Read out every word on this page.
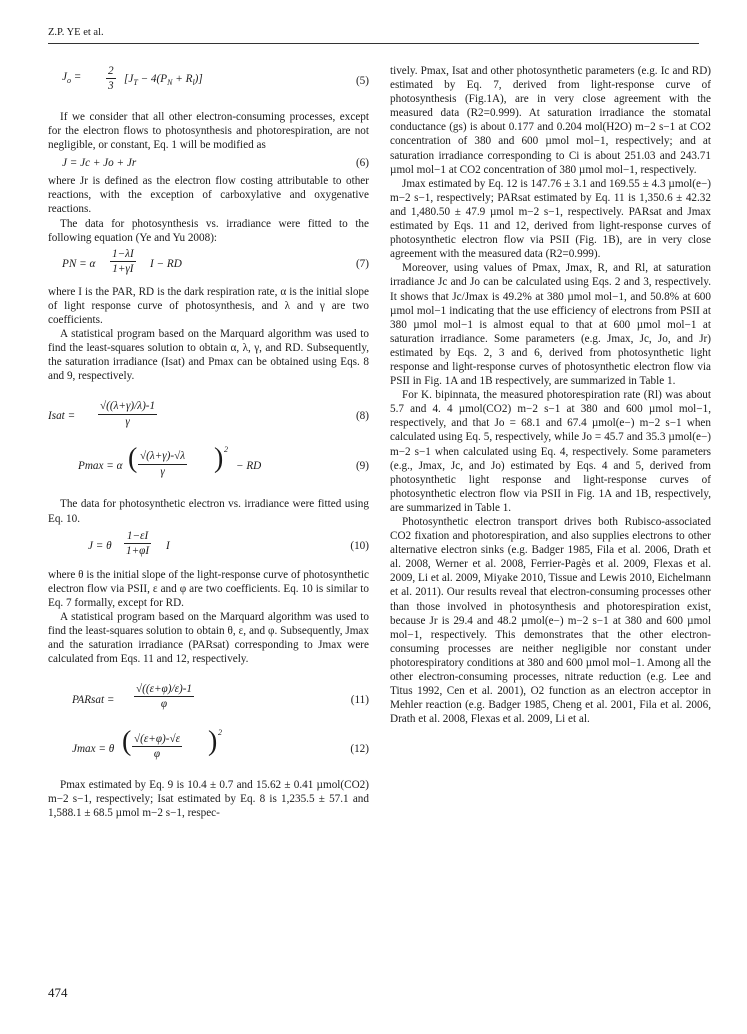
Z.P. YE et al.
$J_o = \frac{2}{3} [J_T - 4(P_N + R_l)]$	(5)

If we consider that all other electron-consuming processes, except for the electron flows to photosynthesis and photorespiration, are not negligible, or constant, Eq. 1 will be modified as

J = Jc + Jo + Jr	(6)

where Jr is defined as the electron flow costing attributable to other reactions, with the exception of carboxylative and oxygenative reactions.

The data for photosynthesis vs. irradiance were fitted to the following equation (Ye and Yu 2008):

PN = α $\frac{1-\lambda I}{1+\gamma I}$ I − RD	(7)

where I is the PAR, RD is the dark respiration rate, α is the initial slope of light response curve of photosynthesis, and λ and γ are two coefficients.

A statistical program based on the Marquard algorithm was used to find the least-squares solution to obtain α, λ, γ, and RD. Subsequently, the saturation irradiance (Isat) and Pmax can be obtained using Eqs. 8 and 9, respectively.

Isat = $\frac{√((\lambda+\gamma)/\lambda)-1}{\gamma}$	(8)
Pmax = α ( $\frac{√(\lambda+\gamma)-√\lambda}{\gamma}$ ) 2
− RD	(9)

The data for photosynthetic electron vs. irradiance were fitted using Eq. 10.

J = θ $\frac{1-\varepsilon I}{1+\varphi I}$ I	(10)

where θ is the initial slope of the light-response curve of photosynthetic electron flow via PSII, ε and φ are two coefficients. Eq. 10 is similar to Eq. 7 formally, except for RD.

A statistical program based on the Marquard algorithm was used to find the least-squares solution to obtain θ, ε, and φ. Subsequently, Jmax and the saturation irradiance (PARsat) corresponding to Jmax were calculated from Eqs. 11 and 12, respectively.

PARsat = $\frac{√((\varepsilon+\varphi)/\varepsilon)-1}{\varphi}$	(11)
Jmax = θ ( $\frac{√(\varepsilon+\varphi)-√\varepsilon}{\varphi}$ ) 2
(12)

Pmax estimated by Eq. 9 is 10.4 ± 0.7 and 15.62 ± 0.41 µmol(CO2) m−2 s−1, respectively; Isat estimated by Eq. 8 is 1,235.5 ± 57.1 and 1,588.1 ± 68.5 µmol m−2 s−1, respec-

tively. Pmax, Isat and other photosynthetic parameters (e.g. Ic and RD) estimated by Eq. 7, derived from light-response curve of photosynthesis (Fig.1A), are in very close agreement with the measured data (R2=0.999). At saturation irradiance the stomatal conductance (gs) is about 0.177 and 0.204 mol(H2O) m−2 s−1 at CO2 concentration of 380 and 600 µmol mol−1, respectively; and at saturation irradiance corresponding to Ci is about 251.03 and 243.71 µmol mol−1 at CO2 concentration of 380 µmol mol−1, respectively.

Jmax estimated by Eq. 12 is 147.76 ± 3.1 and 169.55 ± 4.3 µmol(e−) m−2 s−1, respectively; PARsat estimated by Eq. 11 is 1,350.6 ± 42.32 and 1,480.50 ± 47.9 µmol m−2 s−1, respectively. PARsat and Jmax estimated by Eqs. 11 and 12, derived from light-response curves of photosynthetic electron flow via PSII (Fig. 1B), are in very close agreement with the measured data (R2=0.999).

Moreover, using values of Pmax, Jmax, R, and Rl, at saturation irradiance Jc and Jo can be calculated using Eqs. 2 and 3, respectively. It shows that Jc/Jmax is 49.2% at 380 µmol mol−1, and 50.8% at 600 µmol mol−1 indicating that the use efficiency of electrons from PSII at 380 µmol mol−1 is almost equal to that at 600 µmol mol−1 at saturation irradiance. Some parameters (e.g. Jmax, Jc, Jo, and Jr) estimated by Eqs. 2, 3 and 6, derived from photosynthetic light response and light-response curves of photosynthetic electron flow via PSII in Fig. 1A and 1B respectively, are summarized in Table 1.

For K. bipinnata, the measured photorespiration rate (Rl) was about 5.7 and 4. 4 µmol(CO2) m−2 s−1 at 380 and 600 µmol mol−1, respectively, and that Jo = 68.1 and 67.4 µmol(e−) m−2 s−1 when calculated using Eq. 5, respectively, while Jo = 45.7 and 35.3 µmol(e−) m−2 s−1 when calculated using Eq. 4, respectively. Some parameters (e.g., Jmax, Jc, and Jo) estimated by Eqs. 4 and 5, derived from photosynthetic light response and light-response curves of photosynthetic electron flow via PSII in Fig. 1A and 1B, respectively, are summarized in Table 1.

Photosynthetic electron transport drives both Rubisco-associated CO2 fixation and photorespiration, and also supplies electrons to other alternative electron sinks (e.g. Badger 1985, Fila et al. 2006, Drath et al. 2008, Werner et al. 2008, Ferrier-Pagès et al. 2009, Flexas et al. 2009, Li et al. 2009, Miyake 2010, Tissue and Lewis 2010, Eichelmann et al. 2011). Our results reveal that electron-consuming processes other than those involved in photosynthesis and photorespiration exist, because Jr is 29.4 and 48.2 µmol(e−) m−2 s−1 at 380 and 600 µmol mol−1, respectively. This demonstrates that the other electron-consuming processes are neither negligible nor constant under photorespiratory conditions at 380 and 600 µmol mol−1. Among all the other electron-consuming processes, nitrate reduction (e.g. Lee and Titus 1992, Cen et al. 2001), O2 function as an electron acceptor in Mehler reaction (e.g. Badger 1985, Cheng et al. 2001, Fila et al. 2006, Drath et al. 2008, Flexas et al. 2009, Li et al.

474
